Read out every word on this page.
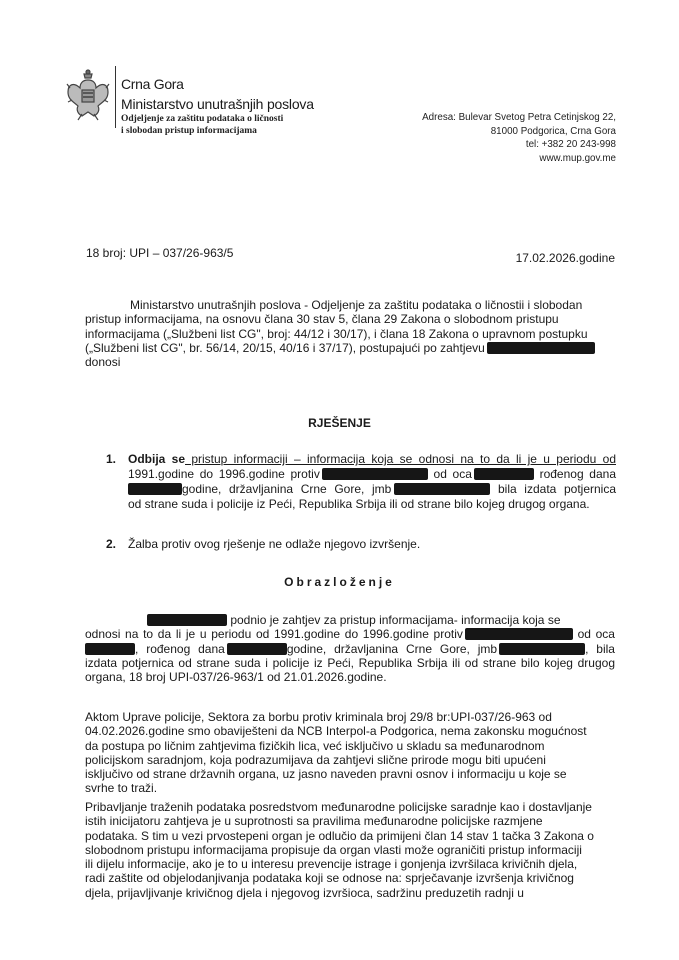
Crna Gora
Ministarstvo unutrašnjih poslova
Odjeljenje za zaštitu podataka o ličnosti
i slobodan pristup informacijama
Adresa: Bulevar Svetog Petra Cetinjskog 22,
81000 Podgorica, Crna Gora
tel: +382 20 243-998
www.mup.gov.me
18 broj: UPI – 037/26-963/5	17.02.2026.godine

Ministarstvo unutrašnjih poslova - Odjeljenje za zaštitu podataka o ličnostii i slobodan

pristup informacijama, na osnovu člana 30 stav 5, člana 29 Zakona o slobodnom pristupu

informacijama („Službeni list CG", broj: 44/12 i 30/17), i člana 18 Zakona o upravnom postupku

(„Službeni list CG", br. 56/14, 20/15, 40/16 i 37/17), postupajući po zahtjevu

donosi

RJEŠENJE
1. Odbija se pristup informaciji – informacija koja se odnosi na to da li je u periodu od
1991.godine do 1996.godine protiv	od oca	rođenog dana
godine, državljanina Crne Gore, jmb	bila izdata potjernica
od strane suda i policije iz Peći, Republika Srbija ili od strane bilo kojeg drugog organa.
2. Žalba protiv ovog rješenje ne odlaže njegovo izvršenje.
Obrazloženje

podnio je zahtjev za pristup informacijama- informacija koja se

odnosi na to da li je u periodu od 1991.godine do 1996.godine protiv	od oca

, rođenog dana	godine, državljanina Crne Gore, jmb	, bila

izdata potjernica od strane suda i policije iz Peći, Republika Srbija ili od strane bilo kojeg drugog

organa, 18 broj UPI-037/26-963/1 od 21.01.2026.godine.

Aktom Uprave policije, Sektora za borbu protiv kriminala broj 29/8 br:UPI-037/26-963 od

04.02.2026.godine smo obaviješteni da NCB Interpol-a Podgorica, nema zakonsku mogućnost

da postupa po ličnim zahtjevima fizičkih lica, već isključivo u skladu sa međunarodnom

policijskom saradnjom, koja podrazumijava da zahtjevi slične prirode mogu biti upućeni

isključivo od strane državnih organa, uz jasno naveden pravni osnov i informaciju u koje se

svrhe to traži.

Pribavljanje traženih podataka posredstvom međunarodne policijske saradnje kao i dostavljanje

istih inicijatoru zahtjeva je u suprotnosti sa pravilima međunarodne policijske razmjene

podataka. S tim u vezi prvostepeni organ je odlučio da primijeni član 14 stav 1 tačka 3 Zakona o

slobodnom pristupu informacijama propisuje da organ vlasti može ograničiti pristup informaciji

ili dijelu informacije, ako je to u interesu prevencije istrage i gonjenja izvršilaca krivičnih djela,

radi zaštite od objelodanjivanja podataka koji se odnose na: sprječavanje izvršenja krivičnog

djela, prijavljivanje krivičnog djela i njegovog izvršioca, sadržinu preduzetih radnji u
